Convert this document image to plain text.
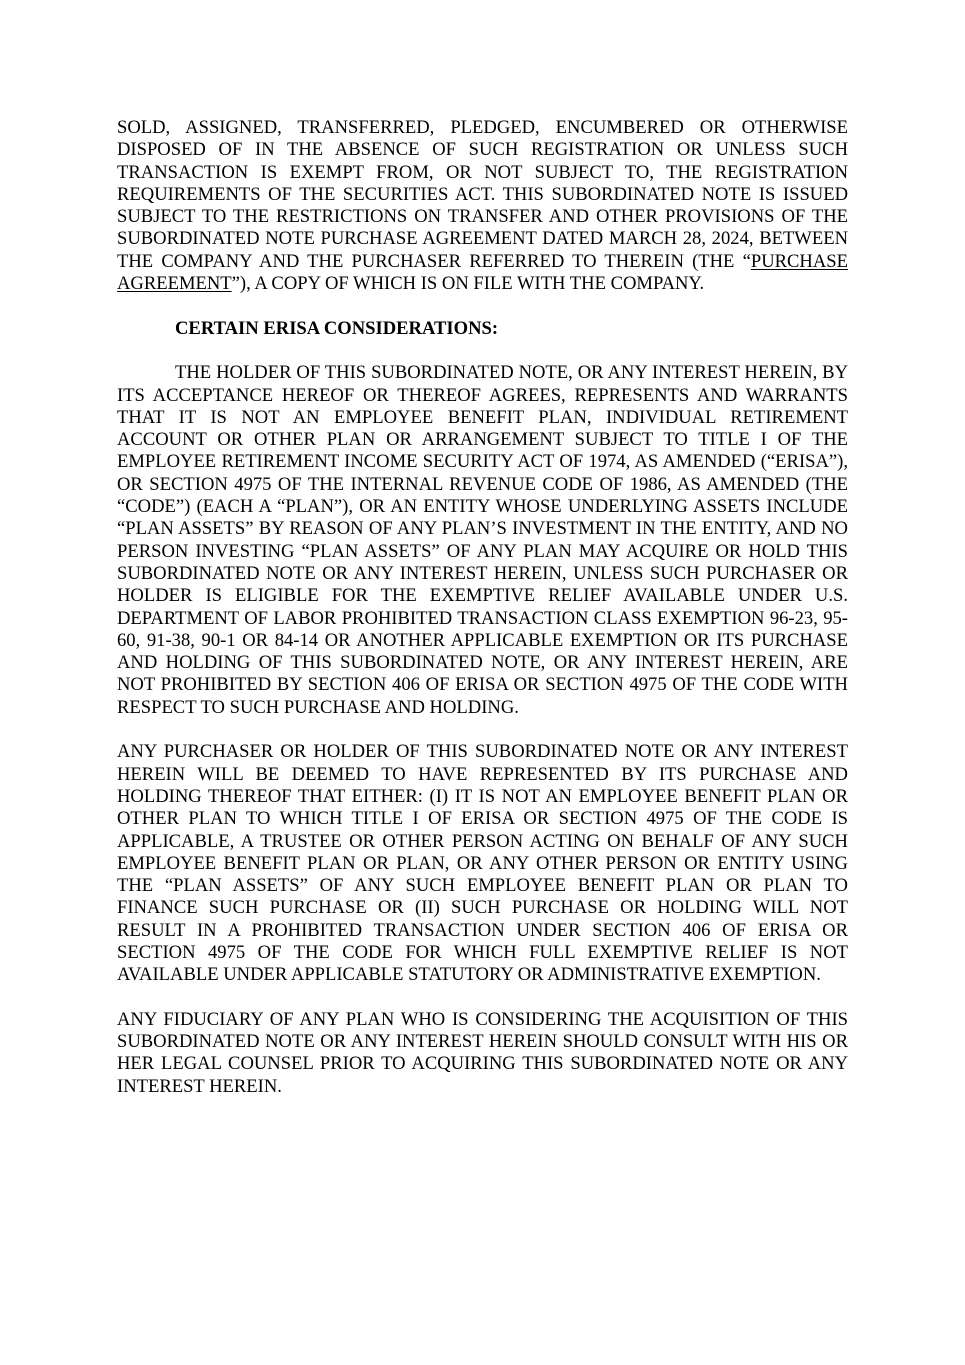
SOLD, ASSIGNED, TRANSFERRED, PLEDGED, ENCUMBERED OR OTHERWISE DISPOSED OF IN THE ABSENCE OF SUCH REGISTRATION OR UNLESS SUCH TRANSACTION IS EXEMPT FROM, OR NOT SUBJECT TO, THE REGISTRATION REQUIREMENTS OF THE SECURITIES ACT. THIS SUBORDINATED NOTE IS ISSUED SUBJECT TO THE RESTRICTIONS ON TRANSFER AND OTHER PROVISIONS OF THE SUBORDINATED NOTE PURCHASE AGREEMENT DATED MARCH 28, 2024, BETWEEN THE COMPANY AND THE PURCHASER REFERRED TO THEREIN (THE “PURCHASE AGREEMENT”), A COPY OF WHICH IS ON FILE WITH THE COMPANY.

CERTAIN ERISA CONSIDERATIONS:

THE HOLDER OF THIS SUBORDINATED NOTE, OR ANY INTEREST HEREIN, BY ITS ACCEPTANCE HEREOF OR THEREOF AGREES, REPRESENTS AND WARRANTS THAT IT IS NOT AN EMPLOYEE BENEFIT PLAN, INDIVIDUAL RETIREMENT ACCOUNT OR OTHER PLAN OR ARRANGEMENT SUBJECT TO TITLE I OF THE EMPLOYEE RETIREMENT INCOME SECURITY ACT OF 1974, AS AMENDED (“ERISA”), OR SECTION 4975 OF THE INTERNAL REVENUE CODE OF 1986, AS AMENDED (THE “CODE”) (EACH A “PLAN”), OR AN ENTITY WHOSE UNDERLYING ASSETS INCLUDE “PLAN ASSETS” BY REASON OF ANY PLAN’S INVESTMENT IN THE ENTITY, AND NO PERSON INVESTING “PLAN ASSETS” OF ANY PLAN MAY ACQUIRE OR HOLD THIS SUBORDINATED NOTE OR ANY INTEREST HEREIN, UNLESS SUCH PURCHASER OR HOLDER IS ELIGIBLE FOR THE EXEMPTIVE RELIEF AVAILABLE UNDER U.S. DEPARTMENT OF LABOR PROHIBITED TRANSACTION CLASS EXEMPTION 96-23, 95-60, 91-38, 90-1 OR 84-14 OR ANOTHER APPLICABLE EXEMPTION OR ITS PURCHASE AND HOLDING OF THIS SUBORDINATED NOTE, OR ANY INTEREST HEREIN, ARE NOT PROHIBITED BY SECTION 406 OF ERISA OR SECTION 4975 OF THE CODE WITH RESPECT TO SUCH PURCHASE AND HOLDING.

ANY PURCHASER OR HOLDER OF THIS SUBORDINATED NOTE OR ANY INTEREST HEREIN WILL BE DEEMED TO HAVE REPRESENTED BY ITS PURCHASE AND HOLDING THEREOF THAT EITHER: (I) IT IS NOT AN EMPLOYEE BENEFIT PLAN OR OTHER PLAN TO WHICH TITLE I OF ERISA OR SECTION 4975 OF THE CODE IS APPLICABLE, A TRUSTEE OR OTHER PERSON ACTING ON BEHALF OF ANY SUCH EMPLOYEE BENEFIT PLAN OR PLAN, OR ANY OTHER PERSON OR ENTITY USING THE “PLAN ASSETS” OF ANY SUCH EMPLOYEE BENEFIT PLAN OR PLAN TO FINANCE SUCH PURCHASE OR (II) SUCH PURCHASE OR HOLDING WILL NOT RESULT IN A PROHIBITED TRANSACTION UNDER SECTION 406 OF ERISA OR SECTION 4975 OF THE CODE FOR WHICH FULL EXEMPTIVE RELIEF IS NOT AVAILABLE UNDER APPLICABLE STATUTORY OR ADMINISTRATIVE EXEMPTION.

ANY FIDUCIARY OF ANY PLAN WHO IS CONSIDERING THE ACQUISITION OF THIS SUBORDINATED NOTE OR ANY INTEREST HEREIN SHOULD CONSULT WITH HIS OR HER LEGAL COUNSEL PRIOR TO ACQUIRING THIS SUBORDINATED NOTE OR ANY INTEREST HEREIN.
